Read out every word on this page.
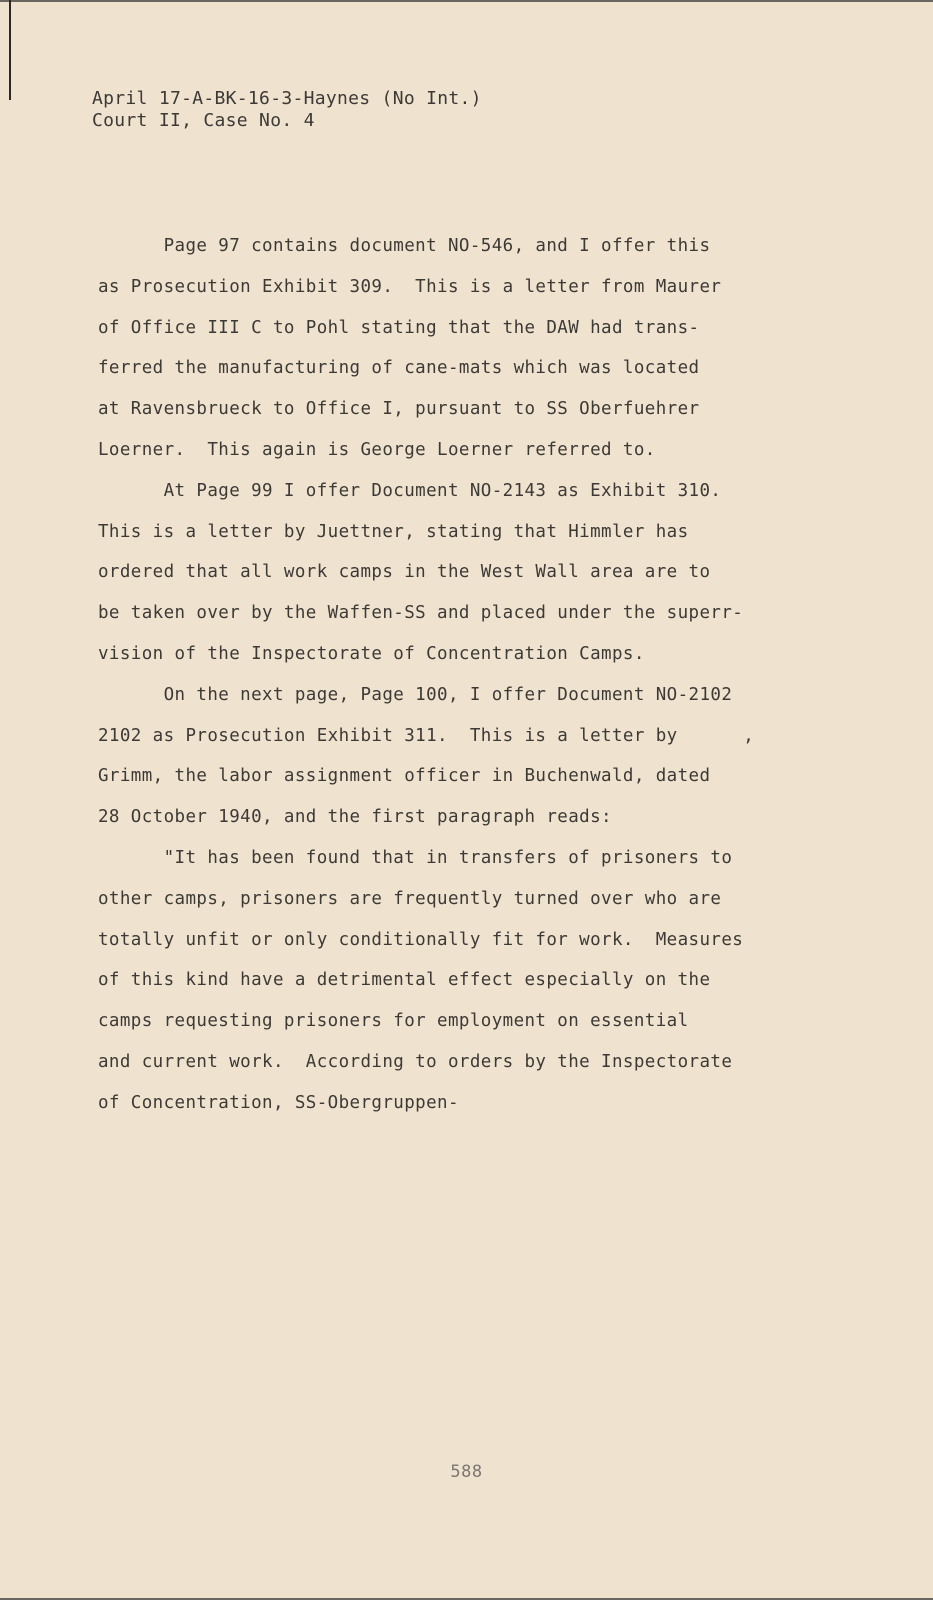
April 17-A-BK-16-3-Haynes (No Int.)
Court II, Case No. 4
Page 97 contains document NO-546, and I offer this
as Prosecution Exhibit 309.  This is a letter from Maurer
of Office III C to Pohl stating that the DAW had trans-
ferred the manufacturing of cane-mats which was located
at Ravensbrueck to Office I, pursuant to SS Oberfuehrer
Loerner.  This again is George Loerner referred to.
At Page 99 I offer Document NO-2143 as Exhibit 310.
This is a letter by Juettner, stating that Himmler has
ordered that all work camps in the West Wall area are to
be taken over by the Waffen-SS and placed under the superr-
vision of the Inspectorate of Concentration Camps.
On the next page, Page 100, I offer Document NO-2102
2102 as Prosecution Exhibit 311.  This is a letter by      ,
Grimm, the labor assignment officer in Buchenwald, dated
28 October 1940, and the first paragraph reads:
"It has been found that in transfers of prisoners to
other camps, prisoners are frequently turned over who are
totally unfit or only conditionally fit for work.  Measures
of this kind have a detrimental effect especially on the
camps requesting prisoners for employment on essential
and current work.  According to orders by the Inspectorate
of Concentration, SS-Obergruppen-
588
